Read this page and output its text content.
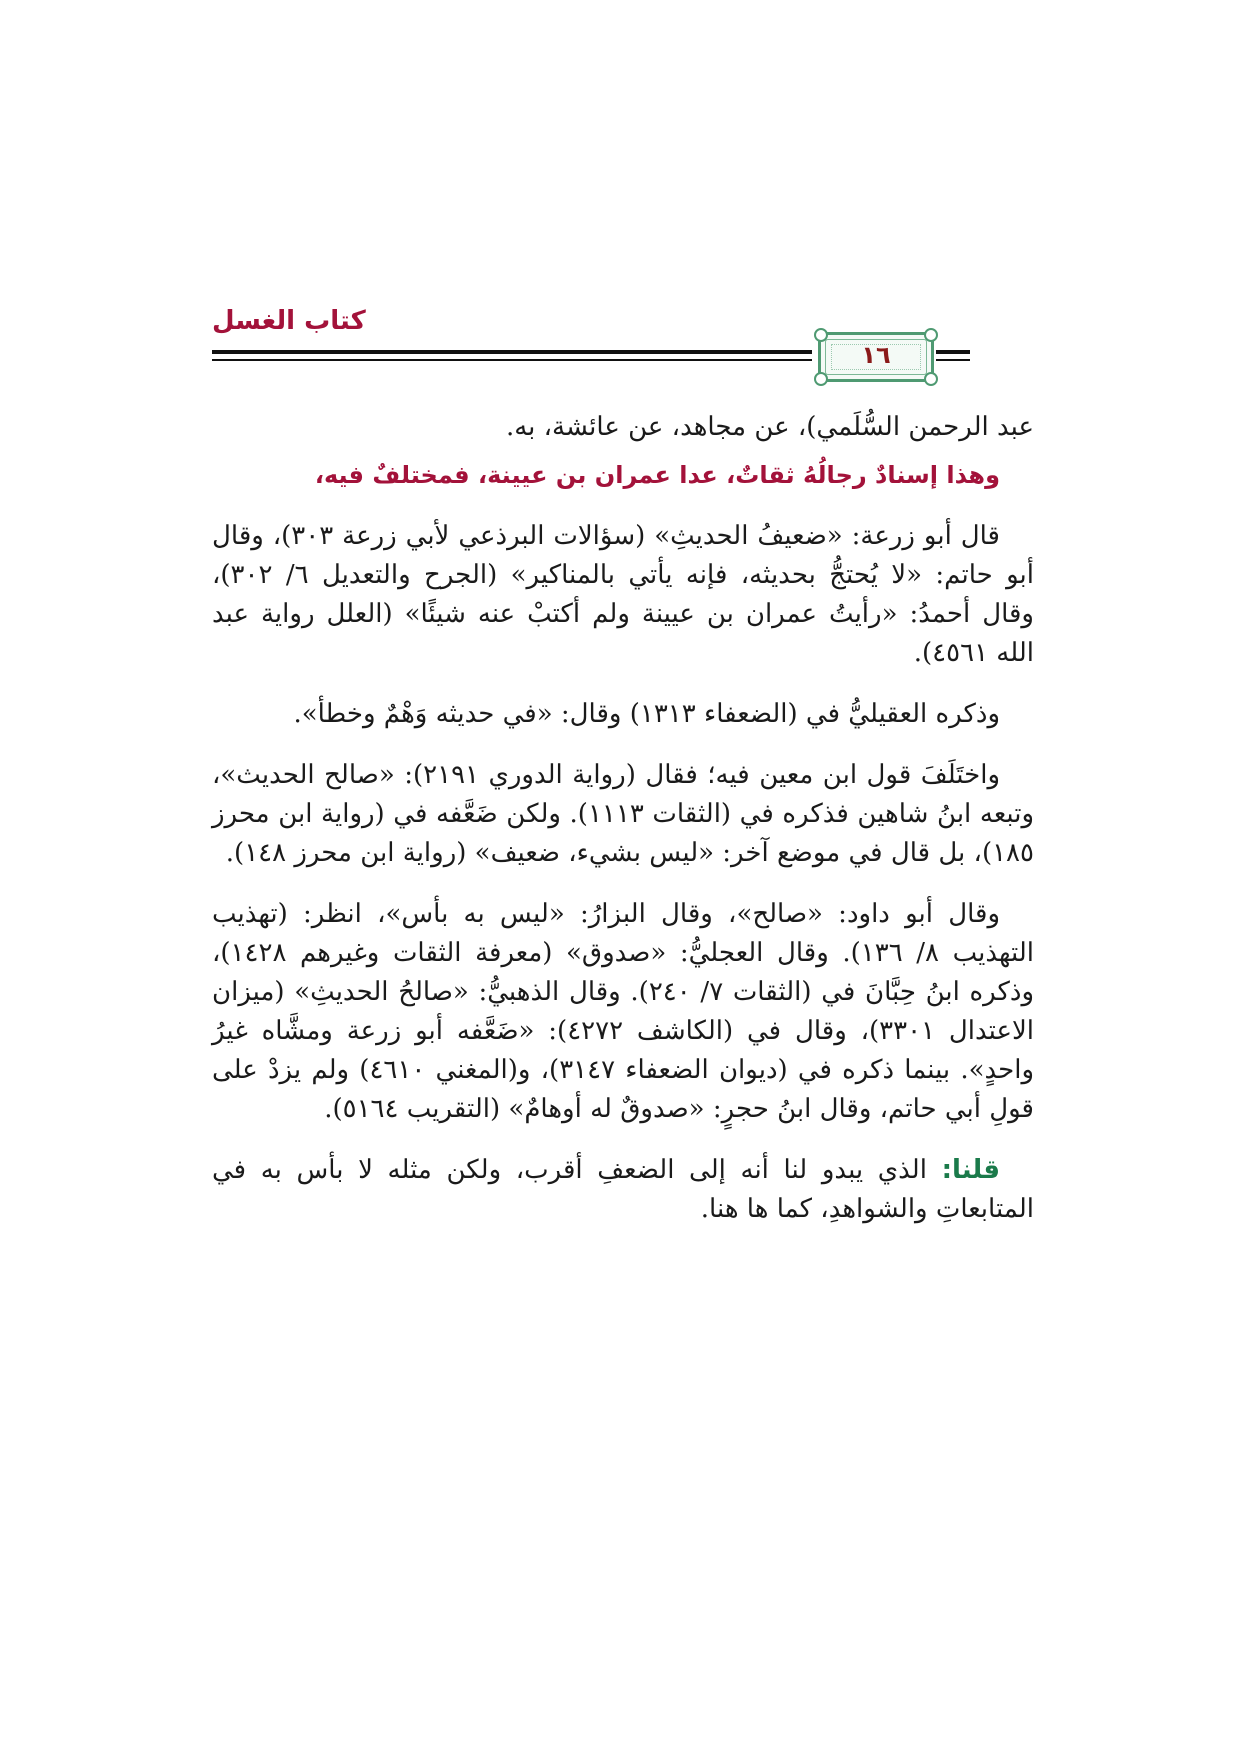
كتاب الغسل
١٦

عبد الرحمن السُّلَمي)، عن مجاهد، عن عائشة، به.

وهذا إسنادٌ رجالُهُ ثقاتٌ، عدا عمران بن عيينة، فمختلفٌ فيه،

قال أبو زرعة: «ضعيفُ الحديثِ» (سؤالات البرذعي لأبي زرعة ٣٠٣)، وقال أبو حاتم: «لا يُحتجُّ بحديثه، فإنه يأتي بالمناكير» (الجرح والتعديل ٦/ ٣٠٢)، وقال أحمدُ: «رأيتُ عمران بن عيينة ولم أكتبْ عنه شيئًا» (العلل رواية عبد الله ٤٥٦١).

وذكره العقيليُّ في (الضعفاء ١٣١٣) وقال: «في حديثه وَهْمٌ وخطأ».

واختَلَفَ قول ابن معين فيه؛ فقال (رواية الدوري ٢١٩١): «صالح الحديث»، وتبعه ابنُ شاهين فذكره في (الثقات ١١١٣). ولكن ضَعَّفه في (رواية ابن محرز ١٨٥)، بل قال في موضع آخر: «ليس بشيء، ضعيف» (رواية ابن محرز ١٤٨).

وقال أبو داود: «صالح»، وقال البزارُ: «ليس به بأس»، انظر: (تهذيب التهذيب ٨/ ١٣٦). وقال العجليُّ: «صدوق» (معرفة الثقات وغيرهم ١٤٢٨)، وذكره ابنُ حِبَّانَ في (الثقات ٧/ ٢٤٠). وقال الذهبيُّ: «صالحُ الحديثِ» (ميزان الاعتدال ٣٣٠١)، وقال في (الكاشف ٤٢٧٢): «ضَعَّفه أبو زرعة ومشَّاه غيرُ واحدٍ». بينما ذكره في (ديوان الضعفاء ٣١٤٧)، و(المغني ٤٦١٠) ولم يزدْ على قولِ أبي حاتم، وقال ابنُ حجرٍ: «صدوقٌ له أوهامٌ» (التقريب ٥١٦٤).

قلنا: الذي يبدو لنا أنه إلى الضعفِ أقرب، ولكن مثله لا بأس به في المتابعاتِ والشواهدِ، كما ها هنا.
